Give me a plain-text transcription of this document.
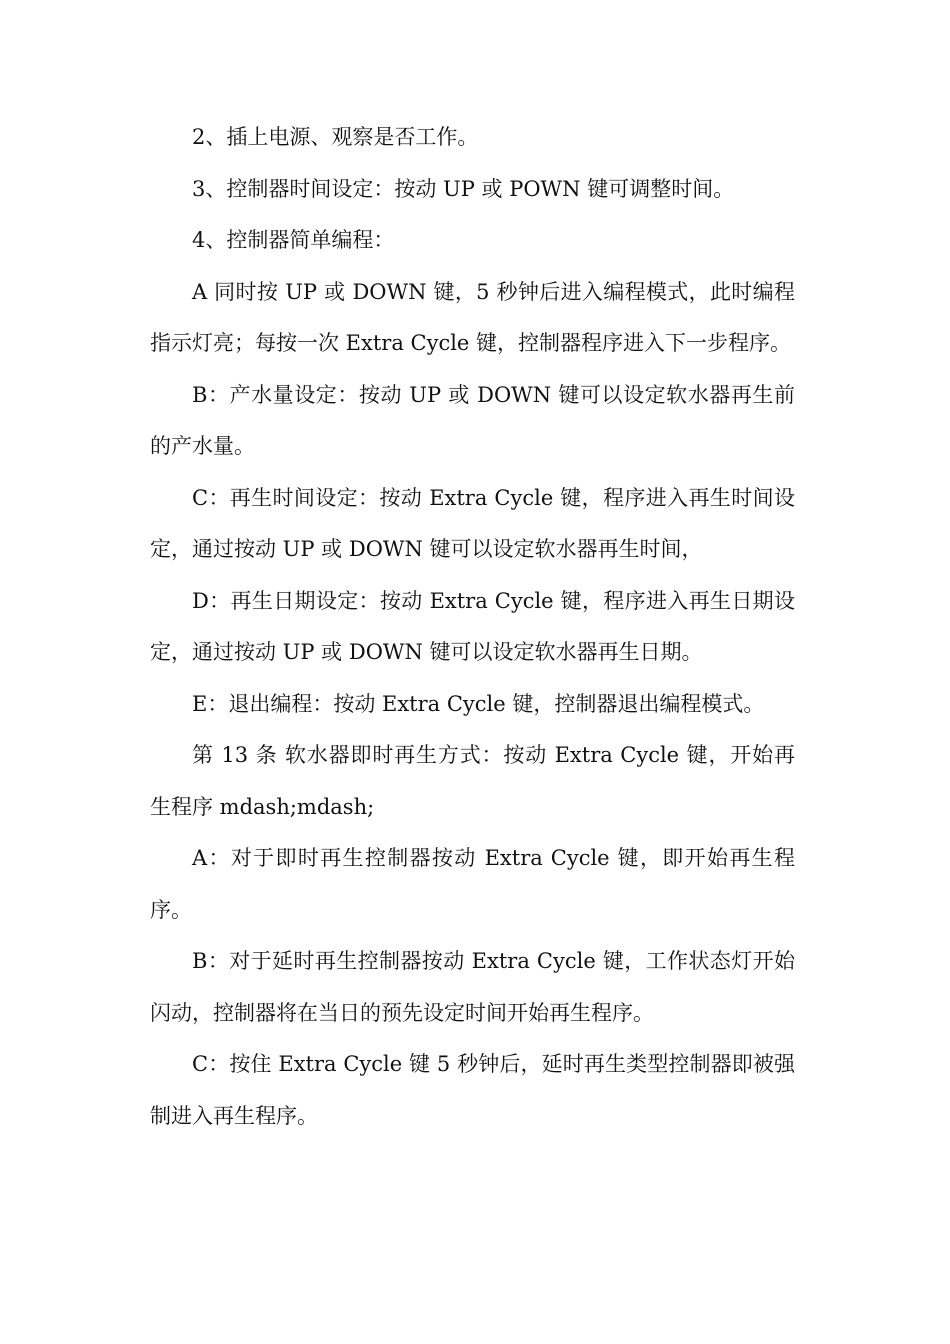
2、插上电源、观察是否工作。

3、控制器时间设定：按动 UP 或 POWN 键可调整时间。

4、控制器简单编程：

A 同时按 UP 或 DOWN 键，5 秒钟后进入编程模式，此时编程指示灯亮；每按一次 Extra Cycle 键，控制器程序进入下一步程序。

B：产水量设定：按动 UP 或 DOWN 键可以设定软水器再生前的产水量。

C：再生时间设定：按动 Extra Cycle 键，程序进入再生时间设定，通过按动 UP 或 DOWN 键可以设定软水器再生时间，

D：再生日期设定：按动 Extra Cycle 键，程序进入再生日期设定，通过按动 UP 或 DOWN 键可以设定软水器再生日期。

E：退出编程：按动 Extra Cycle 键，控制器退出编程模式。

第 13 条 软水器即时再生方式：按动 Extra Cycle 键，开始再生程序 mdash;mdash;

A：对于即时再生控制器按动 Extra Cycle 键，即开始再生程序。

B：对于延时再生控制器按动 Extra Cycle 键，工作状态灯开始闪动，控制器将在当日的预先设定时间开始再生程序。

C：按住 Extra Cycle 键 5 秒钟后，延时再生类型控制器即被强制进入再生程序。
